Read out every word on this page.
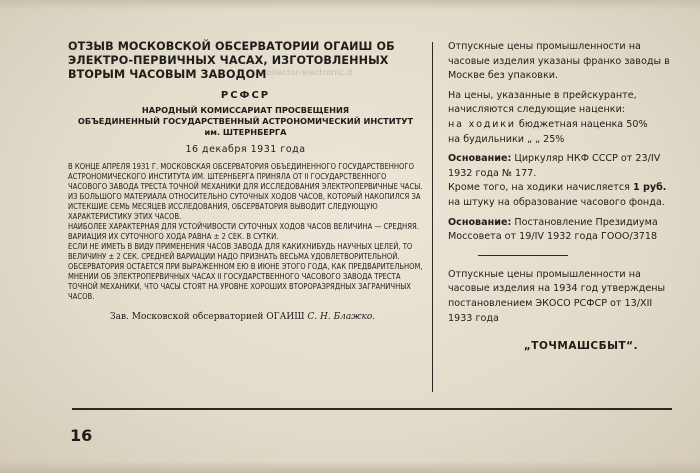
collector-electronic.it
ОТЗЫВ МОСКОВСКОЙ ОБСЕРВАТОРИИ ОГАИШ ОБ ЭЛЕКТРО-ПЕРВИЧНЫХ ЧАСАХ, ИЗГОТОВЛЕННЫХ ВТОРЫМ ЧАСОВЫМ ЗАВОДОМ
РСФСР
НАРОДНЫЙ КОМИССАРИАТ ПРОСВЕЩЕНИЯ
ОБЪЕДИНЕННЫЙ ГОСУДАРСТВЕННЫЙ АСТРОНОМИЧЕСКИЙ ИНСТИТУТ
им. ШТЕРНБЕРГА
16 декабря 1931 года

В КОНЦЕ АПРЕЛЯ 1931 Г. МОСКОВСКАЯ ОБСЕРВАТОРИЯ ОБЪЕДИНЕННОГО ГОСУДАРСТВЕННОГО АСТРОНОМИЧЕСКОГО ИНСТИТУТА ИМ. ШТЕРНБЕРГА ПРИНЯЛА ОТ II ГОСУДАРСТВЕННОГО ЧАСОВОГО ЗАВОДА ТРЕСТА ТОЧНОЙ МЕХАНИКИ ДЛЯ ИССЛЕДОВАНИЯ ЭЛЕКТРОПЕРВИЧНЫЕ ЧАСЫ.

ИЗ БОЛЬШОГО МАТЕРИАЛА ОТНОСИТЕЛЬНО СУТОЧНЫХ ХОДОВ ЧАСОВ, КОТОРЫЙ НАКОПИЛСЯ ЗА ИСТЕКШИЕ СЕМЬ МЕСЯЦЕВ ИССЛЕДОВАНИЯ, ОБСЕРВАТОРИЯ ВЫВОДИТ СЛЕДУЮЩУЮ ХАРАКТЕРИСТИКУ ЭТИХ ЧАСОВ.

НАИБОЛЕЕ ХАРАКТЕРНАЯ ДЛЯ УСТОЙЧИВОСТИ СУТОЧНЫХ ХОДОВ ЧАСОВ ВЕЛИЧИНА — СРЕДНЯЯ. ВАРИАЦИЯ ИХ СУТОЧНОГО ХОДА РАВНА ± 2 СЕК. В СУТКИ.

ЕСЛИ НЕ ИМЕТЬ В ВИДУ ПРИМЕНЕНИЯ ЧАСОВ ЗАВОДА ДЛЯ КАКИХНИБУДЬ НАУЧНЫХ ЦЕЛЕЙ, ТО ВЕЛИЧИНУ ± 2 СЕК. СРЕДНЕЙ ВАРИАЦИИ НАДО ПРИЗНАТЬ ВЕСЬМА УДОВЛЕТВОРИТЕЛЬНОЙ.

ОБСЕРВАТОРИЯ ОСТАЕТСЯ ПРИ ВЫРАЖЕННОМ ЕЮ В ИЮНЕ ЭТОГО ГОДА, КАК ПРЕДВАРИТЕЛЬНОМ, МНЕНИИ ОБ ЭЛЕКТРОПЕРВИЧНЫХ ЧАСАХ II ГОСУДАРСТВЕННОГО ЧАСОВОГО ЗАВОДА ТРЕСТА ТОЧНОЙ МЕХАНИКИ, ЧТО ЧАСЫ СТОЯТ НА УРОВНЕ ХОРОШИХ ВТОРОРАЗРЯДНЫХ ЗАГРАНИЧНЫХ ЧАСОВ.

Зав. Московской обсерваторией ОГАИШ С. Н. Блажко.

Отпускные цены промышленности на часовые изделия указаны франко заводы в Москве без упаковки.

На цены, указанные в прейскуранте, начисляются следующие наценки:

на ходики бюджетная наценка 50%

на будильники „ „ 25%

Основание: Циркуляр НКФ СССР от 23/IV 1932 года № 177.

Кроме того, на ходики начисляется 1 руб. на штуку на образование часового фонда.

Основание: Постановление Президиума Моссовета от 19/IV 1932 года ГООО/3718

Отпускные цены промышленности на часовые изделия на 1934 год утверждены постановлением ЭКОСО РСФСР от 13/XII 1933 года

„ТОЧМАШСБЫТ“.
16
